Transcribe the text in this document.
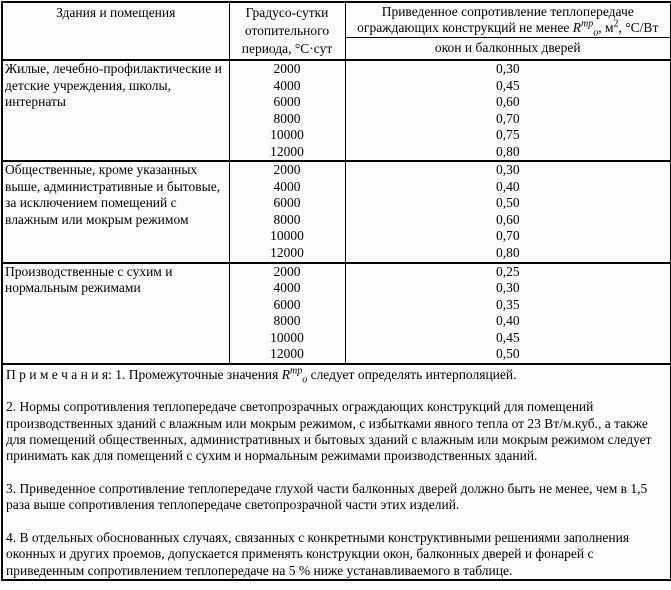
Здания и помещения	Градусо-сутки отопительного периода, °С·сут	Приведенное сопротивление теплопередаче ограждающих конструкций не менее $R^{тр}_о$, $м^2$, °С/Вт
		окон и балконных дверей
Жилые, лечебно-профилактические и детские учреждения, школы, интернаты	2000	0,30
	4000	0,45
	6000	0,60
	8000	0,70
	10000	0,75
	12000	0,80
Общественные, кроме указанных выше, административные и бытовые, за исключением помещений с влажным или мокрым режимом	2000	0,30
	4000	0,40
	6000	0,50
	8000	0,60
	10000	0,70
	12000	0,80
Производственные с сухим и нормальным режимами	2000	0,25
	4000	0,30
	6000	0,35
	8000	0,40
	10000	0,45
	12000	0,50

П р и м е ч а н и я: 1. Промежуточные значения $R^{тр}_о$ следует определять интерполяцией.

2. Нормы сопротивления теплопередаче светопрозрачных ограждающих конструкций для помещений производственных зданий с влажным или мокрым режимом, с избытками явного тепла от 23 Вт/м.куб., а также для помещений общественных, административных и бытовых зданий с влажным или мокрым режимом следует принимать как для помещений с сухим и нормальным режимами производственных зданий.

3. Приведенное сопротивление теплопередаче глухой части балконных дверей должно быть не менее, чем в 1,5 раза выше сопротивления теплопередаче светопрозрачной части этих изделий.

4. В отдельных обоснованных случаях, связанных с конкретными конструктивными решениями заполнения оконных и других проемов, допускается применять конструкции окон, балконных дверей и фонарей с приведенным сопротивлением теплопередаче на 5 % ниже устанавливаемого в таблице.		
